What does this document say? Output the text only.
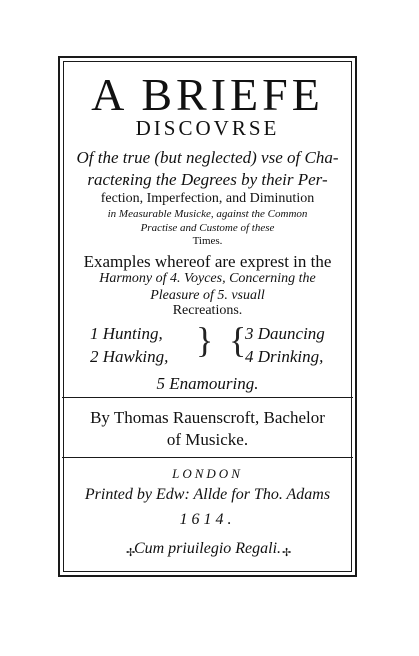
A BRIEFE
DISCOVRSE
Of the true (but neglected) vse of Cha-
racteʀing the Degrees by their Per-
fection, Imperfection, and Diminution
in Measurable Musicke, against the Common
Practise and Custome of these
Times.
Examples whereof are exprest in the
Harmony of 4. Voyces, Concerning the
Pleasure of 5. vsuall
Recreations.
1 Hunting,
2 Hawking, } {
3 Dauncing
4 Drinking,
5 Enamouring.
By Thomas Rauenscroft, Bachelor
of Musicke.
LONDON
Printed by Edw: Allde for Tho. Adams
1614.
✢
Cum priuilegio Regali. ✢
